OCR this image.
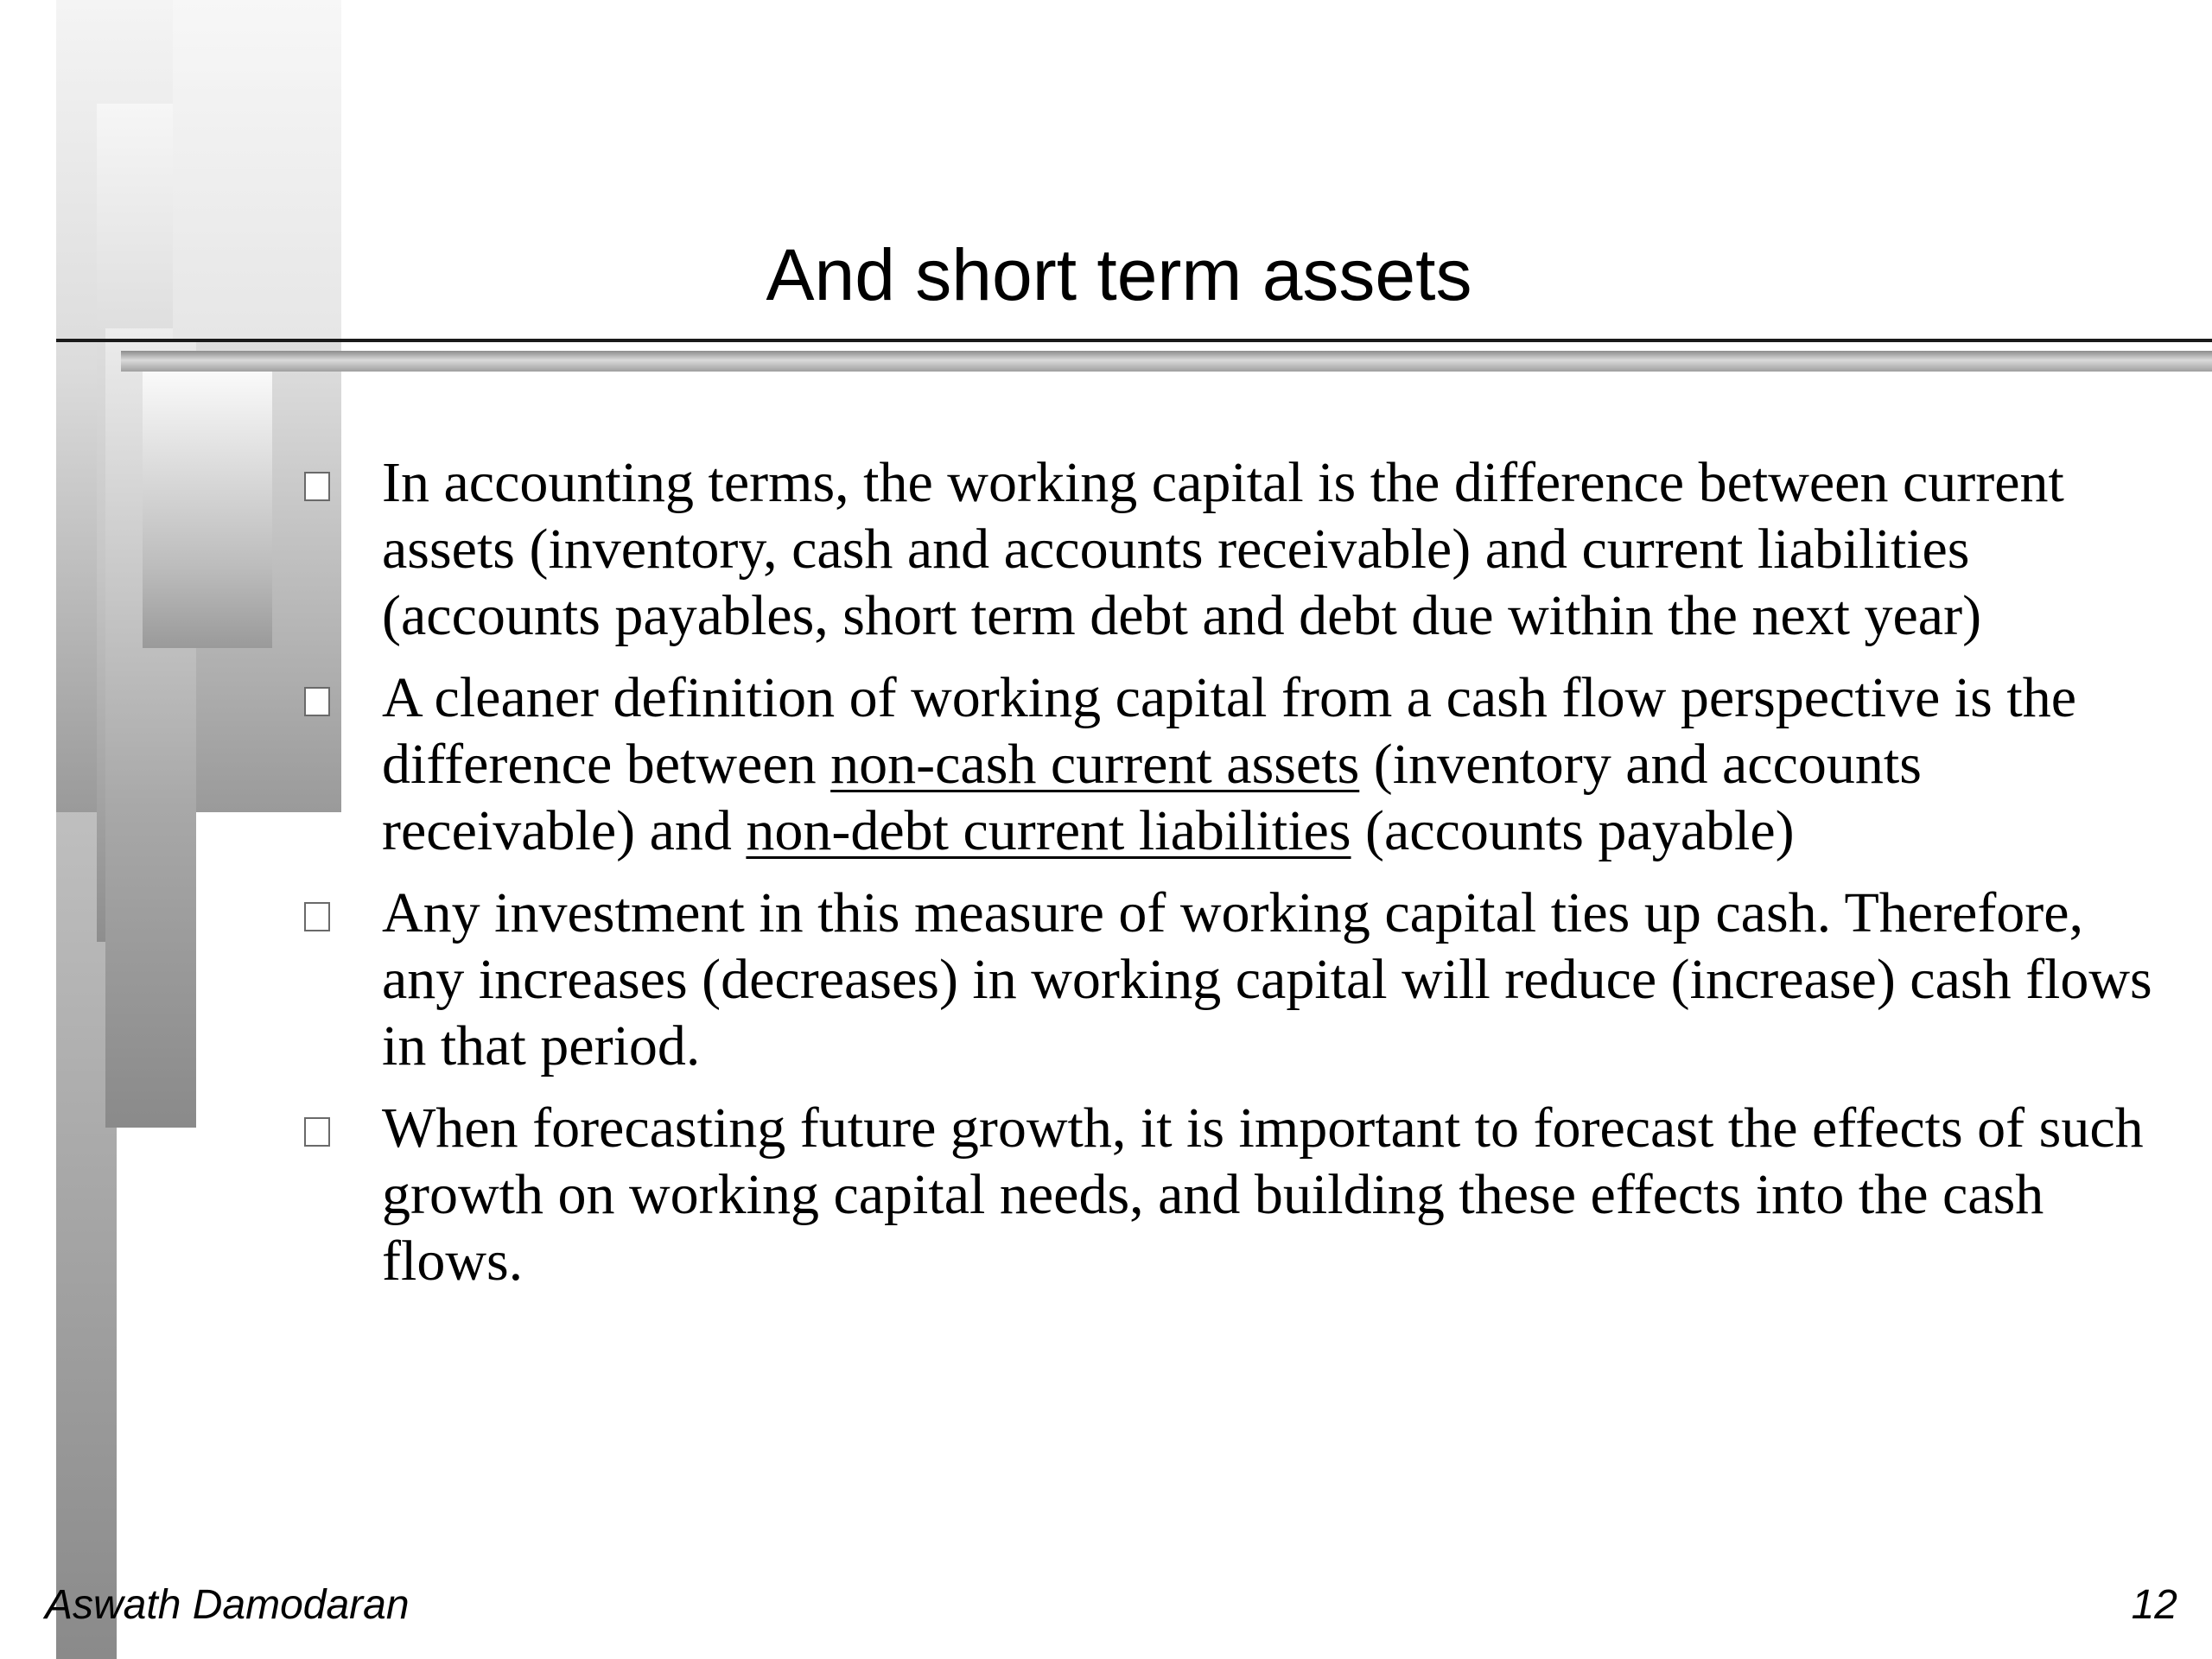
And short term assets
In accounting terms, the working capital is the difference between current assets (inventory, cash and accounts receivable) and current liabilities (accounts payables, short term debt and debt due within the next year)
A cleaner definition of working capital from a cash flow perspective is the difference between non-cash current assets (inventory and accounts receivable) and non-debt current liabilities (accounts payable)
Any investment in this measure of working capital ties up cash. Therefore, any increases (decreases) in working capital will reduce (increase) cash flows in that period.
When forecasting future growth, it is important to forecast the effects of such growth on working capital needs, and building these effects into the cash flows.
Aswath Damodaran	12
